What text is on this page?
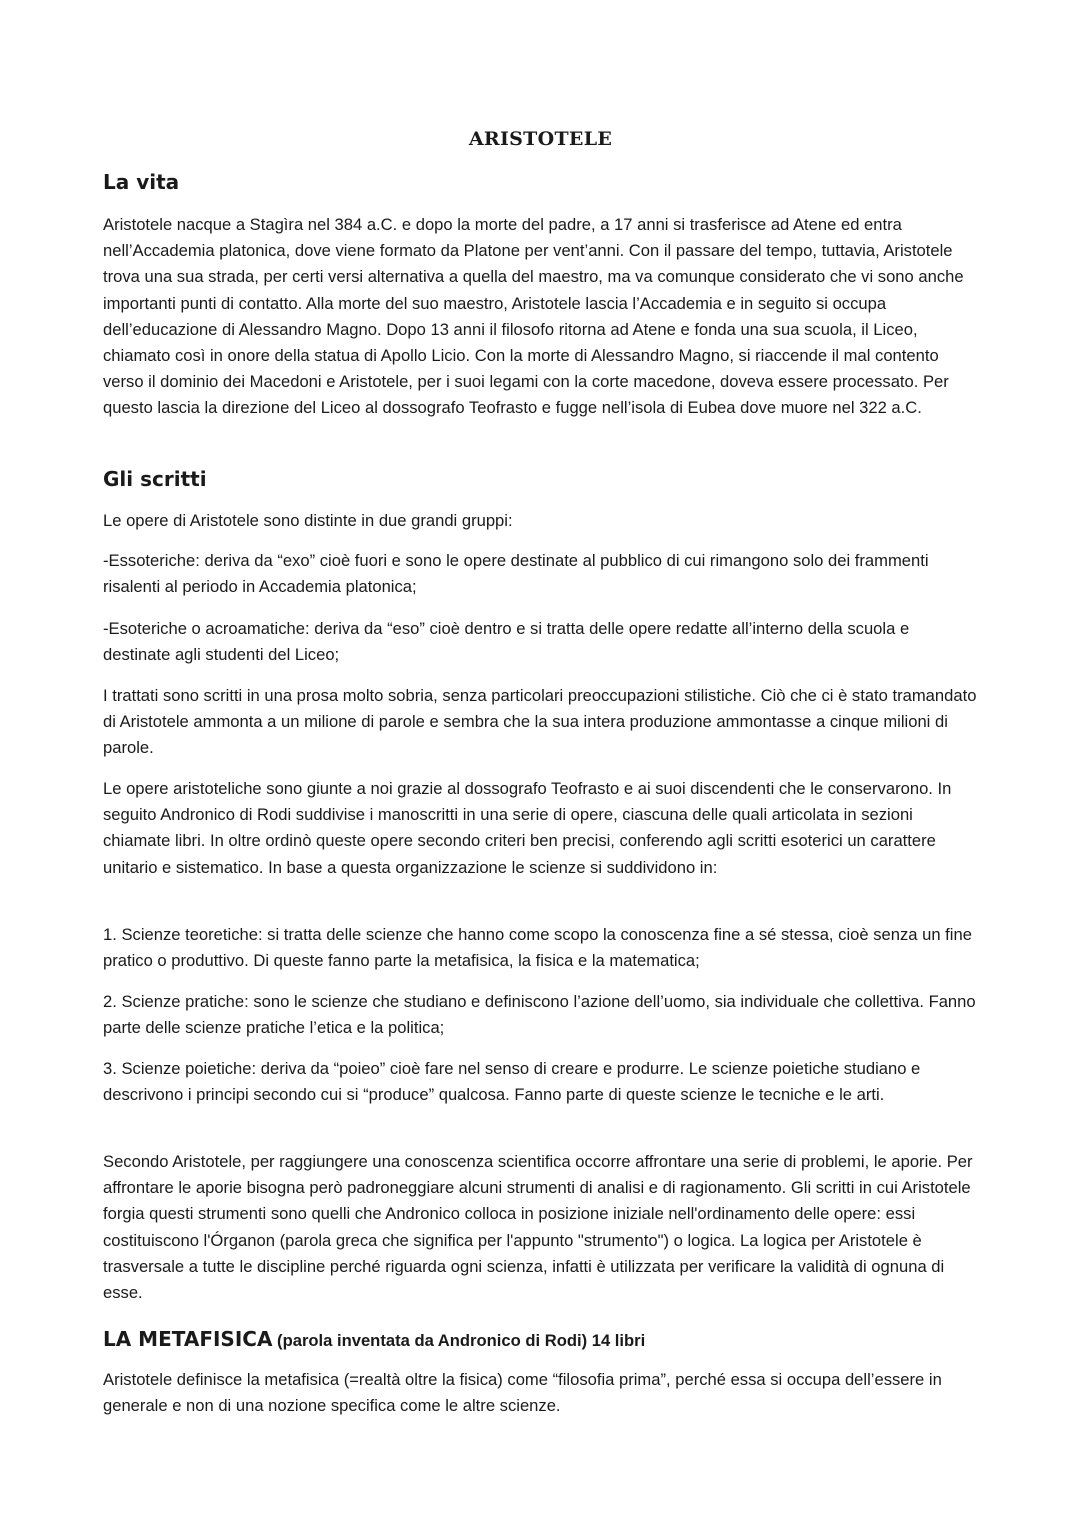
ARISTOTELE
La vita

Aristotele nacque a Stagìra nel 384 a.C. e dopo la morte del padre, a 17 anni si trasferisce ad Atene ed entra nell’Accademia platonica, dove viene formato da Platone per vent’anni. Con il passare del tempo, tuttavia, Aristotele trova una sua strada, per certi versi alternativa a quella del maestro, ma va comunque considerato che vi sono anche importanti punti di contatto. Alla morte del suo maestro, Aristotele lascia l’Accademia e in seguito si occupa dell’educazione di Alessandro Magno. Dopo 13 anni il filosofo ritorna ad Atene e fonda una sua scuola, il Liceo, chiamato così in onore della statua di Apollo Licio. Con la morte di Alessandro Magno, si riaccende il mal contento verso il dominio dei Macedoni e Aristotele, per i suoi legami con la corte macedone, doveva essere processato. Per questo lascia la direzione del Liceo al dossografo Teofrasto e fugge nell’isola di Eubea dove muore nel 322 a.C.

Gli scritti

Le opere di Aristotele sono distinte in due grandi gruppi:

-Essoteriche: deriva da “exo” cioè fuori e sono le opere destinate al pubblico di cui rimangono solo dei frammenti risalenti al periodo in Accademia platonica;

-Esoteriche o acroamatiche: deriva da “eso” cioè dentro e si tratta delle opere redatte all’interno della scuola e destinate agli studenti del Liceo;

I trattati sono scritti in una prosa molto sobria, senza particolari preoccupazioni stilistiche. Ciò che ci è stato tramandato di Aristotele ammonta a un milione di parole e sembra che la sua intera produzione ammontasse a cinque milioni di parole.

Le opere aristoteliche sono giunte a noi grazie al dossografo Teofrasto e ai suoi discendenti che le conservarono. In seguito Andronico di Rodi suddivise i manoscritti in una serie di opere, ciascuna delle quali articolata in sezioni chiamate libri. In oltre ordinò queste opere secondo criteri ben precisi, conferendo agli scritti esoterici un carattere unitario e sistematico. In base a questa organizzazione le scienze si suddividono in:

1. Scienze teoretiche: si tratta delle scienze che hanno come scopo la conoscenza fine a sé stessa, cioè senza un fine pratico o produttivo. Di queste fanno parte la metafisica, la fisica e la matematica;

2. Scienze pratiche: sono le scienze che studiano e definiscono l’azione dell’uomo, sia individuale che collettiva. Fanno parte delle scienze pratiche l’etica e la politica;

3. Scienze poietiche: deriva da “poieo” cioè fare nel senso di creare e produrre. Le scienze poietiche studiano e descrivono i principi secondo cui si “produce” qualcosa. Fanno parte di queste scienze le tecniche e le arti.

Secondo Aristotele, per raggiungere una conoscenza scientifica occorre affrontare una serie di problemi, le aporie. Per affrontare le aporie bisogna però padroneggiare alcuni strumenti di analisi e di ragionamento. Gli scritti in cui Aristotele forgia questi strumenti sono quelli che Andronico colloca in posizione iniziale nell'ordinamento delle opere: essi costituiscono l'Órganon (parola greca che significa per l'appunto "strumento") o logica. La logica per Aristotele è trasversale a tutte le discipline perché riguarda ogni scienza, infatti è utilizzata per verificare la validità di ognuna di esse.

LA METAFISICA (parola inventata da Andronico di Rodi) 14 libri

Aristotele definisce la metafisica (=realtà oltre la fisica) come “filosofia prima”, perché essa si occupa dell’essere in generale e non di una nozione specifica come le altre scienze.
